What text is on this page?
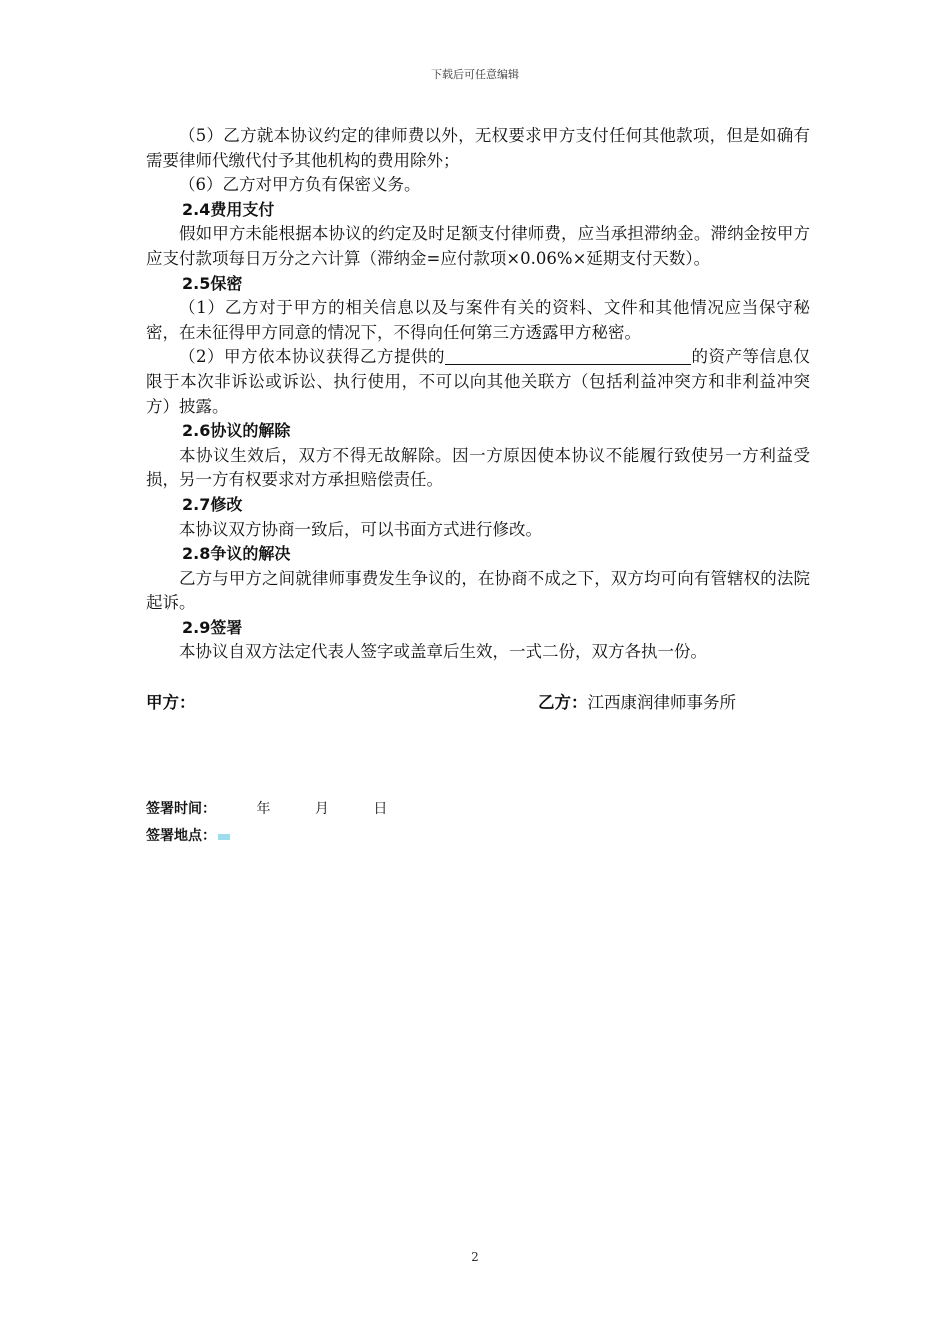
下载后可任意编辑

（5）乙方就本协议约定的律师费以外，无权要求甲方支付任何其他款项，但是如确有需要律师代缴代付予其他机构的费用除外；

（6）乙方对甲方负有保密义务。

2.4费用支付

假如甲方未能根据本协议的约定及时足额支付律师费，应当承担滞纳金。滞纳金按甲方应支付款项每日万分之六计算（滞纳金=应付款项×0.06%×延期支付天数）。

2.5保密

（1）乙方对于甲方的相关信息以及与案件有关的资料、文件和其他情况应当保守秘密，在未征得甲方同意的情况下，不得向任何第三方透露甲方秘密。

（2）甲方依本协议获得乙方提供的	的资产等信息仅限于本次非诉讼或诉讼、执行使用，不可以向其他关联方（包括利益冲突方和非利益冲突方）披露。

2.6协议的解除

本协议生效后，双方不得无故解除。因一方原因使本协议不能履行致使另一方利益受损，另一方有权要求对方承担赔偿责任。

2.7修改

本协议双方协商一致后，可以书面方式进行修改。

2.8争议的解决

乙方与甲方之间就律师事费发生争议的，在协商不成之下，双方均可向有管辖权的法院起诉。

2.9签署

本协议自双方法定代表人签字或盖章后生效，一式二份，双方各执一份。

甲方：	乙方：江西康润律师事务所
签署时间：	年	月	日
签署地点：
2
